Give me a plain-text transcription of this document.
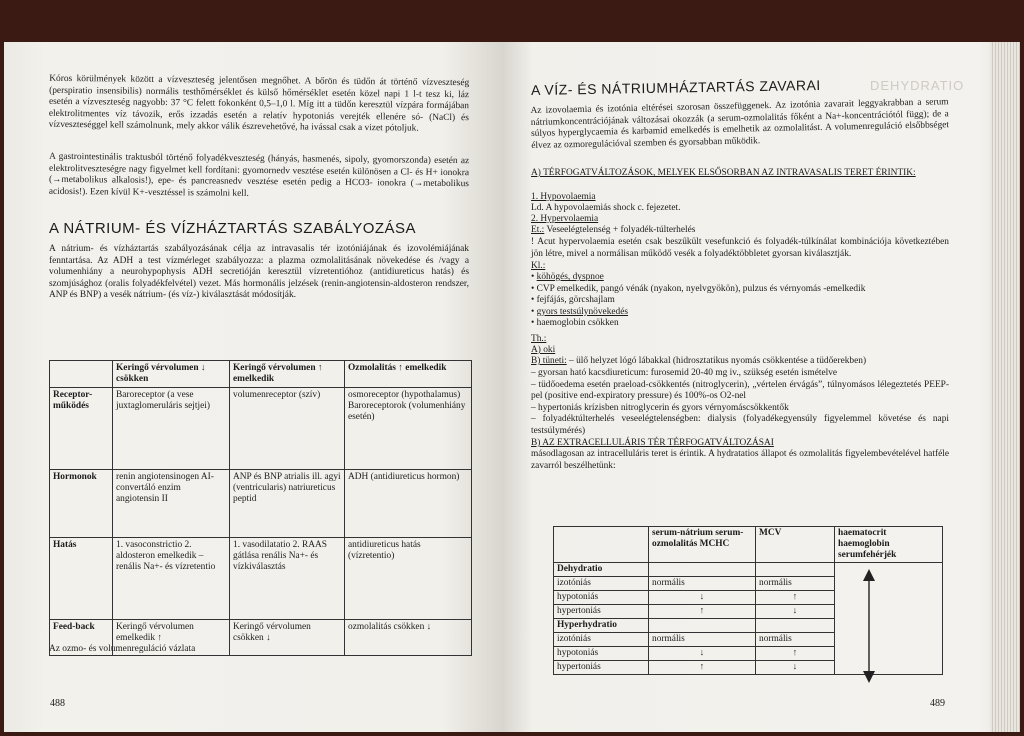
Kóros körülmények között a vízveszteség jelentősen megnőhet. A bőrön és tüdőn át történő vízveszteség (perspiratio insensibilis) normális testhőmérséklet és külső hőmérséklet esetén közel napi 1 l-t tesz ki, láz esetén a vízveszteség nagyobb: 37 °C felett fokonként 0,5–1,0 l. Míg itt a tüdőn keresztül vízpára formájában elektrolitmentes víz távozik, erős izzadás esetén a relatív hypotoniás verejték ellenére só- (NaCl) és vízveszteséggel kell számolnunk, mely akkor válik észrevehetővé, ha ivással csak a vizet pótoljuk.

A gastrointestinális traktusból történő folyadékveszteség (hányás, hasmenés, sipoly, gyomorszonda) esetén az elektrolitveszteségre nagy figyelmet kell fordítani: gyomornedv vesztése esetén különösen a Cl- és H+ ionokra (→metabolikus alkalosis!), epe- és pancreasnedv vesztése esetén pedig a HCO3- ionokra (→metabolikus acidosis!). Ezen kívül K+-vesztéssel is számolni kell.

A NÁTRIUM- ÉS VÍZHÁZTARTÁS SZABÁLYOZÁSA

A nátrium- és vízháztartás szabályozásának célja az intravasalis tér izotóniájának és izovolémiájának fenntartása. Az ADH a test vízmérleget szabályozza: a plazma ozmolalitásának növekedése és /vagy a volumenhiány a neurohypophysis ADH secretióján keresztül vízretentióhoz (antidiureticus hatás) és szomjúsághoz (oralis folyadékfelvétel) vezet. Más hormonális jelzések (renin-angiotensin-aldosteron rendszer, ANP és BNP) a vesék nátrium- (és víz-) kiválasztását módosítják.

	Keringő vérvolumen ↓ csökken	Keringő vérvolumen ↑ emelkedik	Ozmolalitás ↑ emelkedik
Receptor-működés	Baroreceptor (a vese juxtaglomeruláris sejtjei)	volumenreceptor (szív)	osmoreceptor (hypothalamus) Baroreceptorok (volumenhiány esetén)
Hormonok	renin angiotensinogen AI-convertáló enzim angiotensin II	ANP és BNP atrialis ill. agyi (ventricularis) natriureticus peptid	ADH (antidiureticus hormon)
Hatás	1. vasoconstrictio 2. aldosteron emelkedik – renális Na+- és vízretentio	1. vasodilatatio 2. RAAS gátlása renális Na+- és vízkiválasztás	antidiureticus hatás (vízretentio)
Feed-back	Keringő vérvolumen emelkedik ↑	Keringő vérvolumen csökken ↓	ozmolalitás csökken ↓

Az ozmo- és volumenreguláció vázlata

488
DEHYDRATIO
A VÍZ- ÉS NÁTRIUMHÁZTARTÁS ZAVARAI

Az izovolaemia és izotónia eltérései szorosan összefüggenek. Az izotónia zavarait leggyakrabban a serum nátriumkoncentrációjának változásai okozzák (a serum-ozmolalitás főként a Na+-koncentrációtól függ); de a súlyos hyperglycaemia és karbamid emelkedés is emelhetik az ozmolalitást. A volumenreguláció elsőbbséget élvez az ozmoregulációval szemben és gyorsabban működik.

A) TÉRFOGATVÁLTOZÁSOK, MELYEK ELSŐSORBAN AZ INTRAVASALIS TERET ÉRINTIK:

1. Hypovolaemia

Ld. A hypovolaemiás shock c. fejezetet.

2. Hypervolaemia

Et.: Veseelégtelenség + folyadék-túlterhelés

! Acut hypervolaemia esetén csak beszűkült vesefunkció és folyadék-túlkínálat kombinációja következtében jön létre, mivel a normálisan működő vesék a folyadéktöbbletet gyorsan kiválasztják.

Kl.:

• köhögés, dyspnoe
• CVP emelkedik, pangó vénák (nyakon, nyelvgyökön), pulzus és vérnyomás -emelkedik
• fejfájás, görcshajlam
• gyors testsúlynövekedés
• haemoglobin csökken

Th.:

A) oki

B) tüneti: – ülő helyzet lógó lábakkal (hidrosztatikus nyomás csökkentése a tüdőerekben)

– gyorsan ható kacsdiureticum: furosemid 20-40 mg iv., szükség esetén ismételve
– tüdőoedema esetén praeload-csökkentés (nitroglycerin), „vértelen érvágás”, túlnyomásos lélegeztetés PEEP-pel (positive end-expiratory pressure) és 100%-os O2-nel
– hypertoniás krízisben nitroglycerin és gyors vérnyomáscsökkentők
– folyadéktúlterhelés veseelégtelenségben: dialysis (folyadékegyensúly figyelemmel követése és napi testsúlymérés)

B) AZ EXTRACELLULÁRIS TÉR TÉRFOGATVÁLTOZÁSAI

másodlagosan az intracelluláris teret is érintik. A hydratatios állapot és ozmolalitás figyelembevételével hatféle zavarról beszélhetünk:

	serum-nátrium serum-ozmolalitás MCHC	MCV	haematocrit haemoglobin serumfehérjék
Dehydratio			

izotóniás	normális	normális	
hypotoniás	↓	↑	
hypertoniás	↑	↓	
Hyperhydratio			
izotóniás	normális	normális	
hypotoniás	↓	↑	
hypertoniás	↑	↓	
489
